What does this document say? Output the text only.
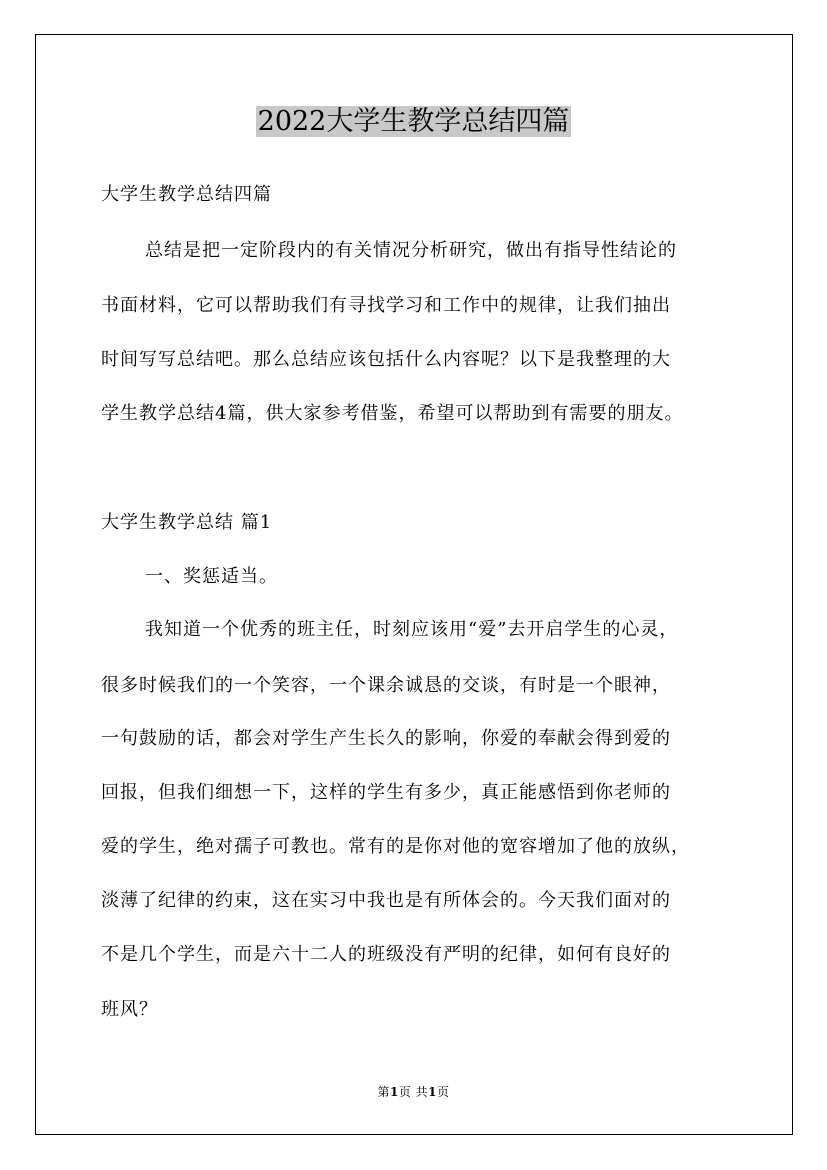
2022大学生教学总结四篇
大学生教学总结四篇
总结是把一定阶段内的有关情况分析研究，做出有指导性结论的
书面材料，它可以帮助我们有寻找学习和工作中的规律，让我们抽出
时间写写总结吧。那么总结应该包括什么内容呢？以下是我整理的大
学生教学总结4篇，供大家参考借鉴，希望可以帮助到有需要的朋友。
大学生教学总结 篇1
一、奖惩适当。
我知道一个优秀的班主任，时刻应该用“爱”去开启学生的心灵，
很多时候我们的一个笑容，一个课余诚恳的交谈，有时是一个眼神，
一句鼓励的话，都会对学生产生长久的影响，你爱的奉献会得到爱的
回报，但我们细想一下，这样的学生有多少，真正能感悟到你老师的
爱的学生，绝对孺子可教也。常有的是你对他的宽容增加了他的放纵，
淡薄了纪律的约束，这在实习中我也是有所体会的。今天我们面对的
不是几个学生，而是六十二人的班级没有严明的纪律，如何有良好的
班风？
第1页 共1页
